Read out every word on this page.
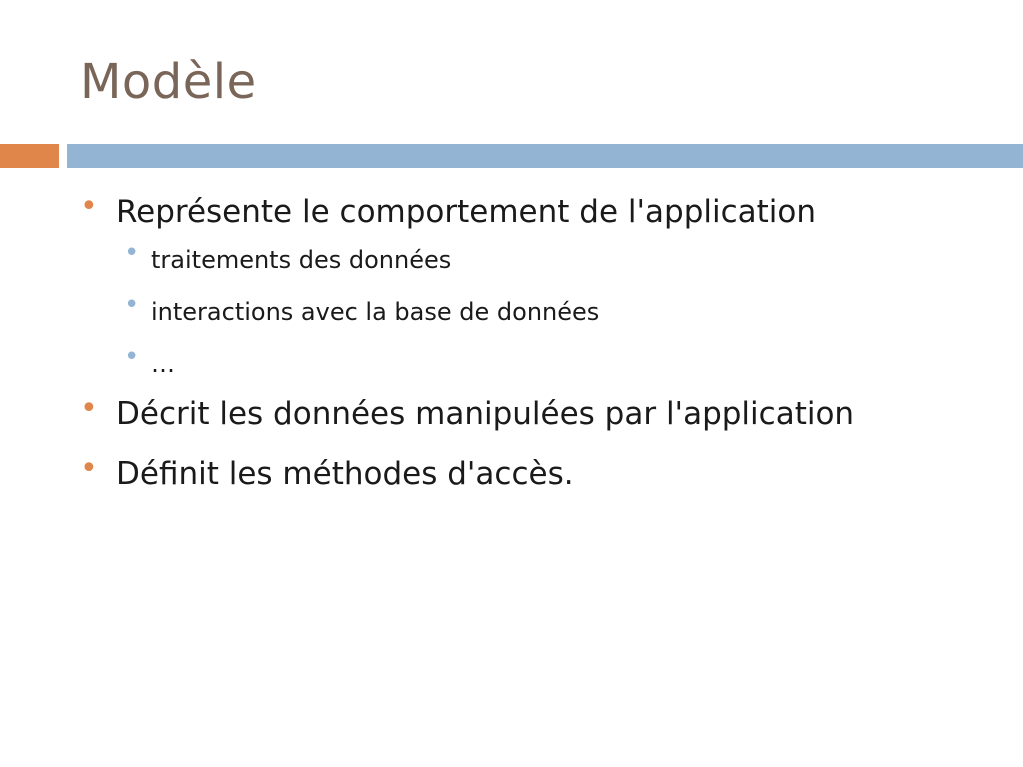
Modèle
• Représente le comportement de l'application
• traitements des données
• interactions avec la base de données
• …
• Décrit les données manipulées par l'application
• Définit les méthodes d'accès.
